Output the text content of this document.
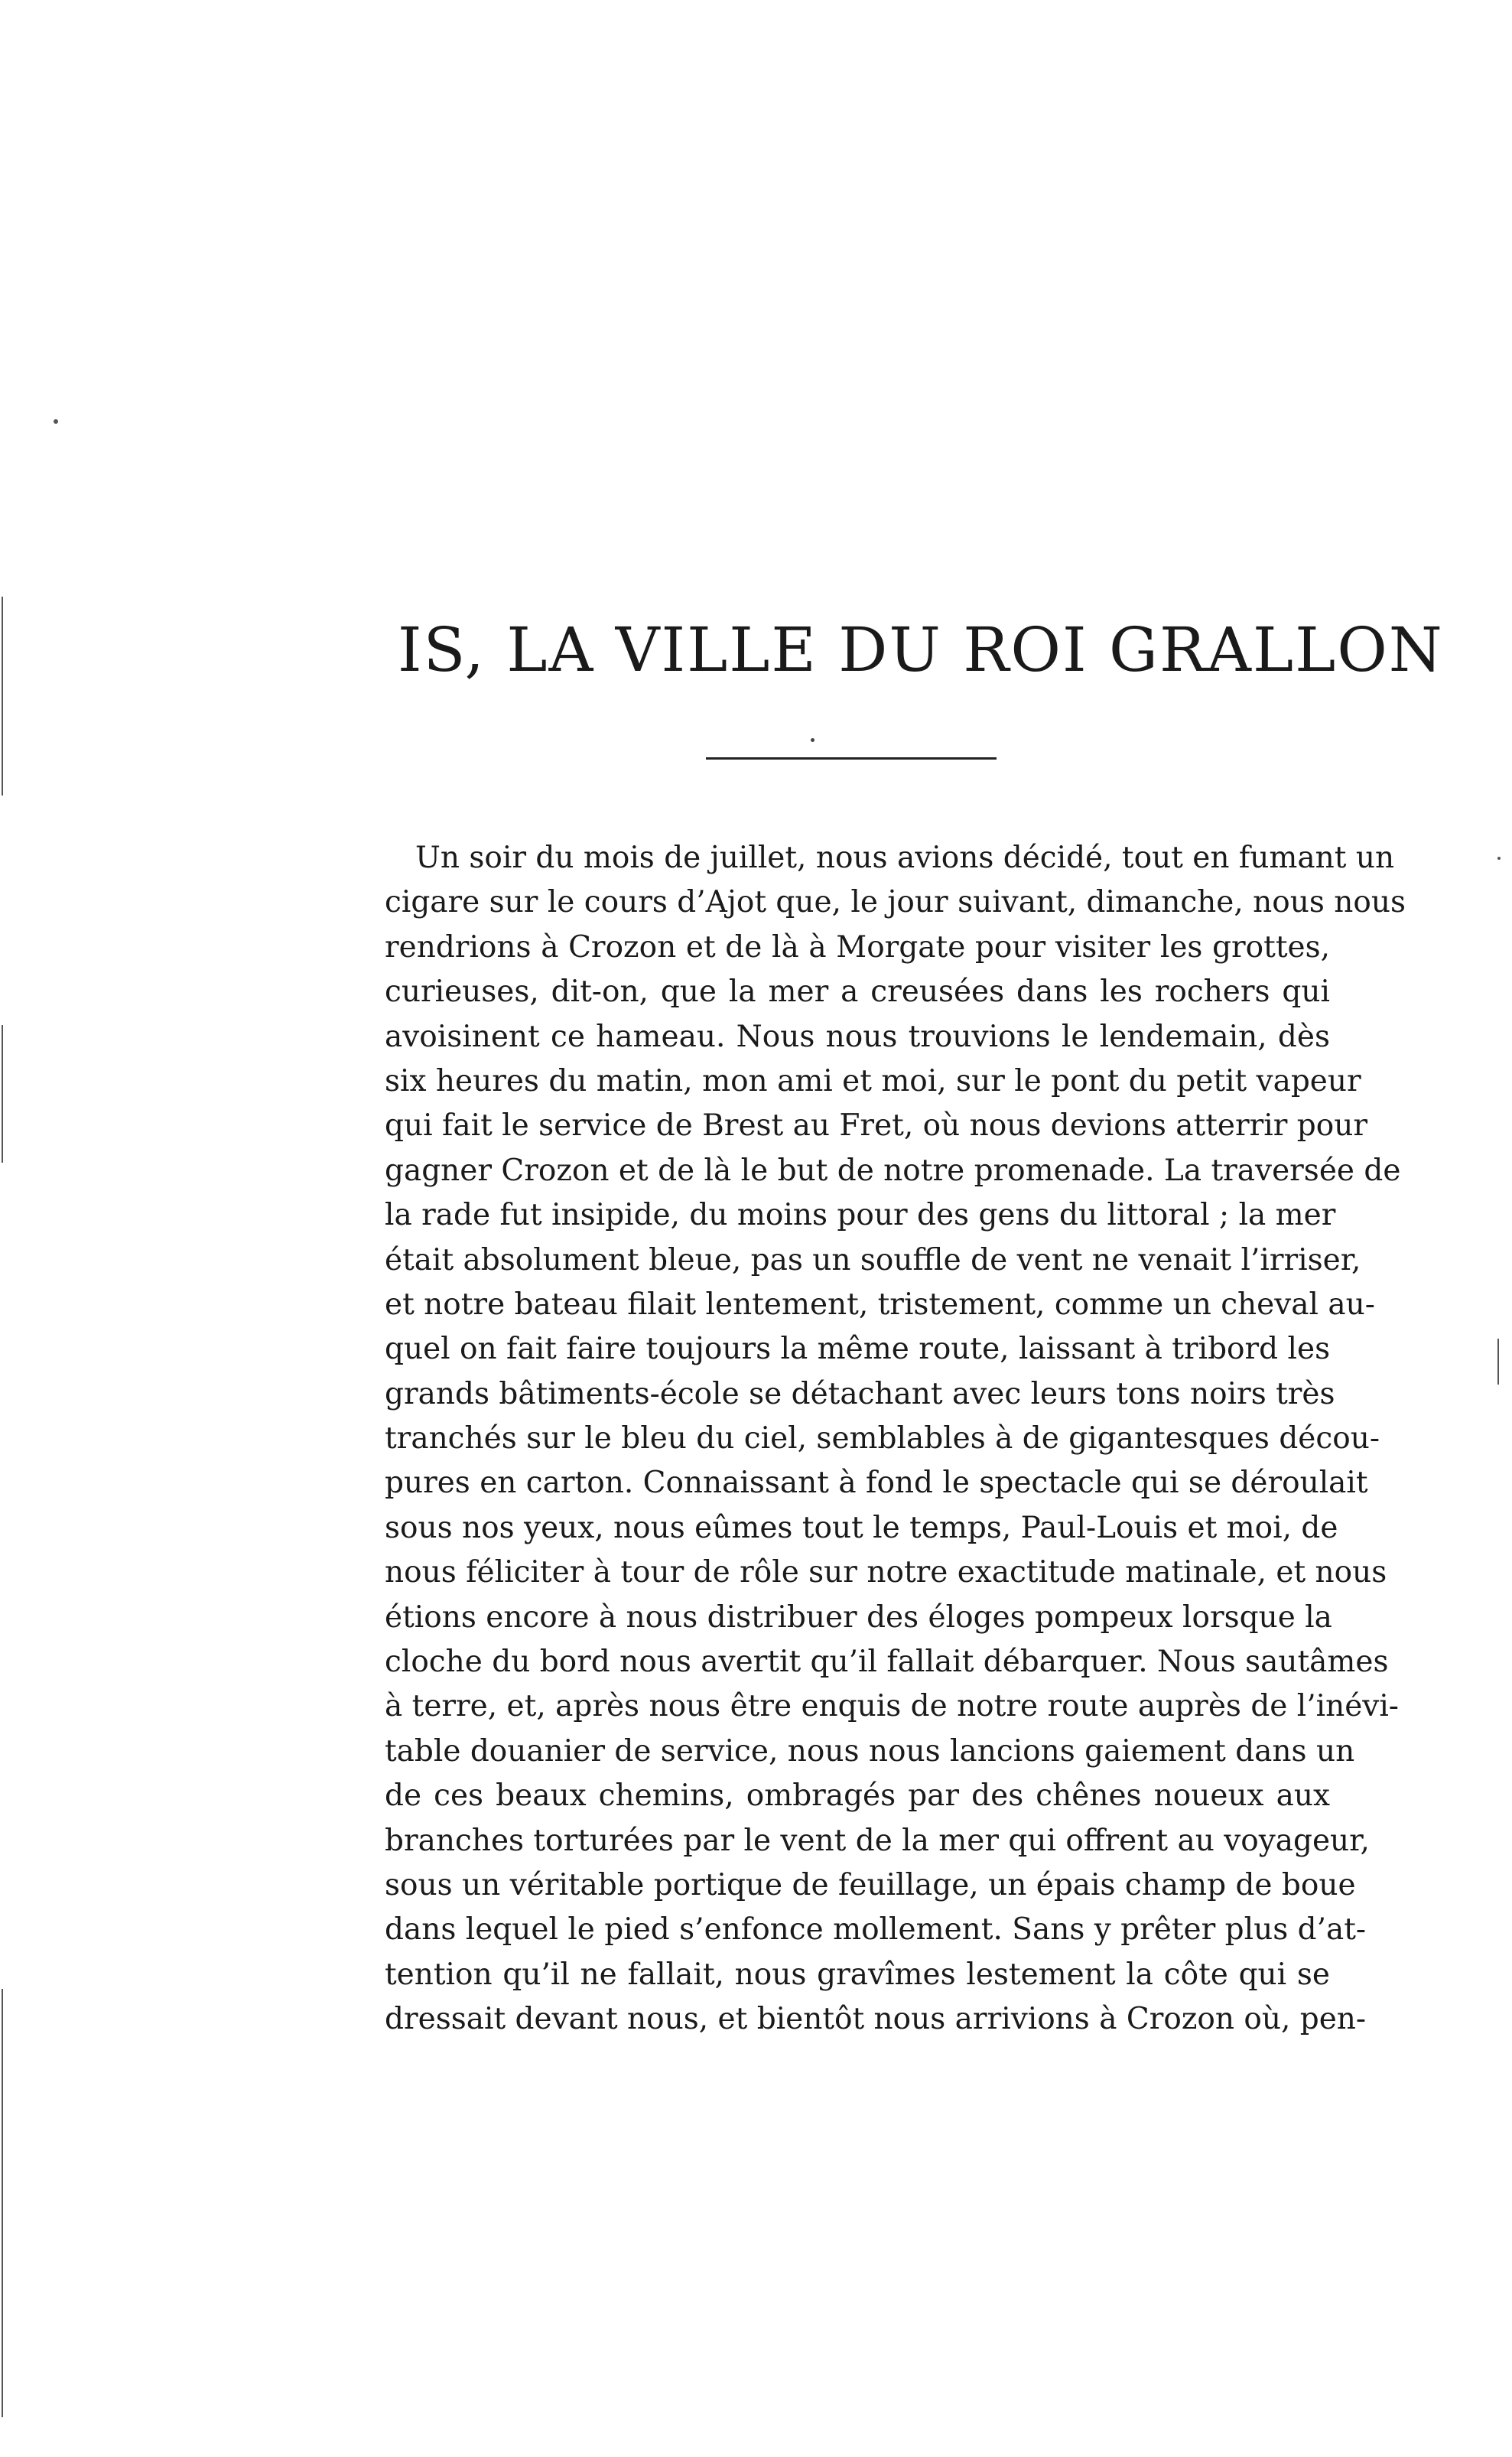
IS, LA VILLE DU ROI GRALLON
Un soir du mois de juillet, nous avions décidé, tout en fumant un
cigare sur le cours d’Ajot que, le jour suivant, dimanche, nous nous
rendrions à Crozon et de là à Morgate pour visiter les grottes,
curieuses, dit-on, que la mer a creusées dans les rochers qui
avoisinent ce hameau. Nous nous trouvions le lendemain, dès
six heures du matin, mon ami et moi, sur le pont du petit vapeur
qui fait le service de Brest au Fret, où nous devions atterrir pour
gagner Crozon et de là le but de notre promenade. La traversée de
la rade fut insipide, du moins pour des gens du littoral ; la mer
était absolument bleue, pas un souffle de vent ne venait l’irriser,
et notre bateau filait lentement, tristement, comme un cheval au-
quel on fait faire toujours la même route, laissant à tribord les
grands bâtiments-école se détachant avec leurs tons noirs très
tranchés sur le bleu du ciel, semblables à de gigantesques décou-
pures en carton. Connaissant à fond le spectacle qui se déroulait
sous nos yeux, nous eûmes tout le temps, Paul-Louis et moi, de
nous féliciter à tour de rôle sur notre exactitude matinale, et nous
étions encore à nous distribuer des éloges pompeux lorsque la
cloche du bord nous avertit qu’il fallait débarquer. Nous sautâmes
à terre, et, après nous être enquis de notre route auprès de l’inévi-
table douanier de service, nous nous lancions gaiement dans un
de ces beaux chemins, ombragés par des chênes noueux aux
branches torturées par le vent de la mer qui offrent au voyageur,
sous un véritable portique de feuillage, un épais champ de boue
dans lequel le pied s’enfonce mollement. Sans y prêter plus d’at-
tention qu’il ne fallait, nous gravîmes lestement la côte qui se
dressait devant nous, et bientôt nous arrivions à Crozon où, pen-
